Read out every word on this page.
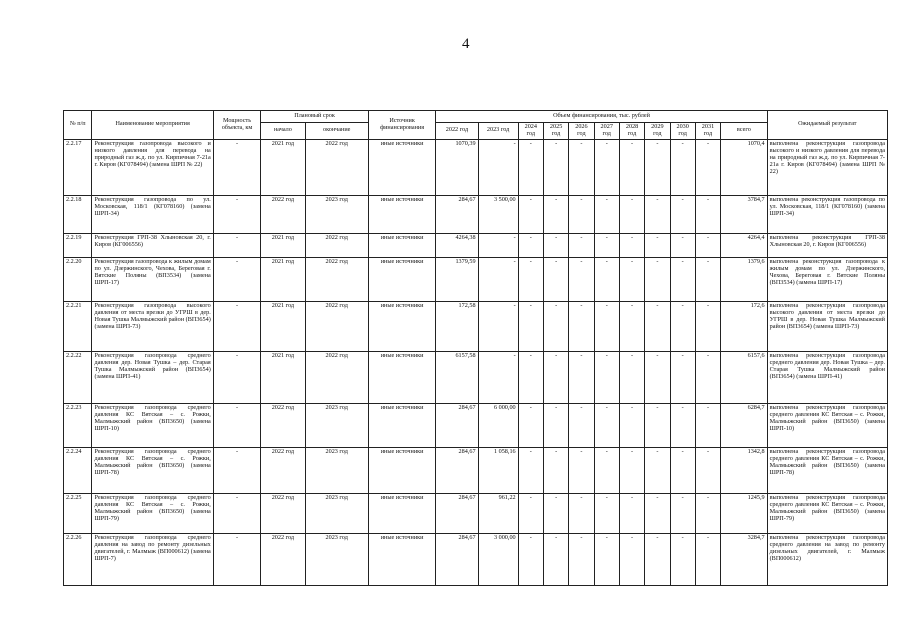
4
№ п/п	Наименование мероприятия	Мощность объекта, км	Плановый срок		Источник финансирования	Объем финансирования, тыс. рублей											Ожидаемый результат
			начало	окончание		2022 год	2023 год	2024 год	2025 год	2026 год	2027 год	2028 год	2029 год	2030 год	2031 год	всего	
2.2.17	Реконструкция газопровода высокого и низкого давления для перевода на природный газ ж.д. по ул. Кирпичная 7-21а г. Киров (КГ078494) (замена ШРП № 22)	-	2021 год	2022 год	иные источники	1070,39	-	-	-	-	-	-	-	-	-	1070,4	выполнена реконструкция газопровода высокого и низкого давления для перевода на природный газ ж.д. по ул. Кирпичная 7-21а г. Киров (КГ078494) (замена ШРП № 22)
2.2.18	Реконструкция газопровода по ул. Московская, 118/1 (КГ078160) (замена ШРП-34)	-	2022 год	2023 год	иные источники	284,67	3 500,00	-	-	-	-	-	-	-	-	3784,7	выполнена реконструкция газопровода по ул. Московская, 118/1 (КГ078160) (замена ШРП-34)
2.2.19	Реконструкция ГРП-38 Хлыновская 20, г. Киров (КГ006556)	-	2021 год	2022 год	иные источники	4264,38	-	-	-	-	-	-	-	-	-	4264,4	выполнена реконструкция ГРП-38 Хлыновская 20, г. Киров (КГ006556)
2.2.20	Реконструкция газопровода к жилым домам по ул. Дзержинского, Чехова, Береговая г. Вятские Поляны (ВП3534) (замена ШРП-17)	-	2021 год	2022 год	иные источники	1379,59	-	-	-	-	-	-	-	-	-	1379,6	выполнена реконструкция газопровода к жилым домам по ул. Дзержинского, Чехова, Береговая г. Вятские Поляны (ВП3534) (замена ШРП-17)
2.2.21	Реконструкция газопровода высокого давления от места врезки до УГРШ в дер. Новая Тушка Малмыжский район (ВП3654) (замена ШРП-73)	-	2021 год	2022 год	иные источники	172,58	-	-	-	-	-	-	-	-	-	172,6	выполнена реконструкция газопровода высокого давления от места врезки до УГРШ в дер. Новая Тушка Малмыжский район (ВП3654) (замена ШРП-73)
2.2.22	Реконструкция газопровода среднего давления дер. Новая Тушка – дер. Старая Тушка Малмыжский район (ВП3654) (замена ШРП-41)	-	2021 год	2022 год	иные источники	6157,58	-	-	-	-	-	-	-	-	-	6157,6	выполнена реконструкция газопровода среднего давления дер. Новая Тушка – дер. Старая Тушка Малмыжский район (ВП3654) (замена ШРП-41)
2.2.23	Реконструкция газопровода среднего давления КС Вятская – с. Рожки, Малмыжский район (ВП3650) (замена ШРП-10)	-	2022 год	2023 год	иные источники	284,67	6 000,00	-	-	-	-	-	-	-	-	6284,7	выполнена реконструкция газопровода среднего давления КС Вятская – с. Рожки, Малмыжский район (ВП3650) (замена ШРП-10)
2.2.24	Реконструкция газопровода среднего давления КС Вятская – с. Рожки, Малмыжский район (ВП3650) (замена ШРП-78)	-	2022 год	2023 год	иные источники	284,67	1 058,16	-	-	-	-	-	-	-	-	1342,8	выполнена реконструкция газопровода среднего давления КС Вятская – с. Рожки, Малмыжский район (ВП3650) (замена ШРП-78)
2.2.25	Реконструкция газопровода среднего давления КС Вятская – с. Рожки, Малмыжский район (ВП3650) (замена ШРП-79)	-	2022 год	2023 год	иные источники	284,67	961,22	-	-	-	-	-	-	-	-	1245,9	выполнена реконструкция газопровода среднего давления КС Вятская – с. Рожки, Малмыжский район (ВП3650) (замена ШРП-79)
2.2.26	Реконструкция газопровода среднего давления на завод по ремонту дизельных двигателей, г. Малмыж (ВП000612) (замена ШРП-7)	-	2022 год	2023 год	иные источники	284,67	3 000,00	-	-	-	-	-	-	-	-	3284,7	выполнена реконструкция газопровода среднего давления на завод по ремонту дизельных двигателей, г. Малмыж (ВП000612)
